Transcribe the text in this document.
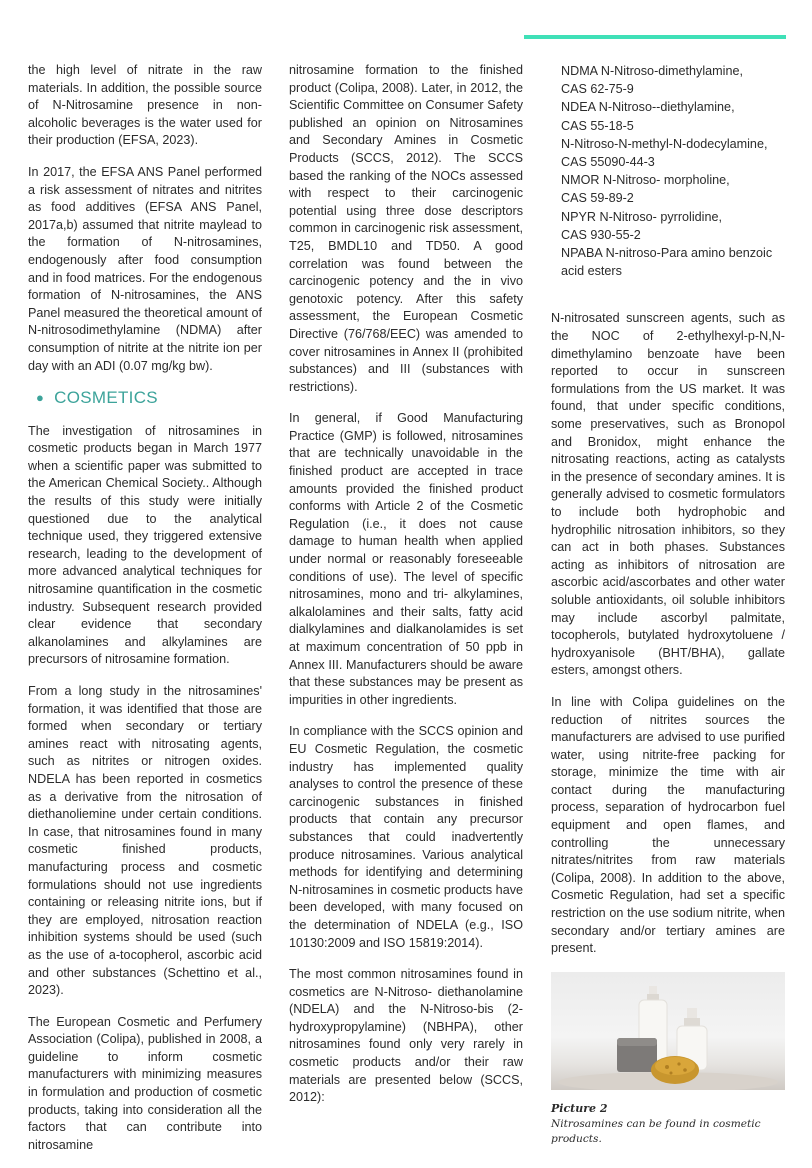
the high level of nitrate in the raw materials. In addition, the possible source of N-Nitrosamine presence in non-alcoholic beverages is the water used for their production (EFSA, 2023).

In 2017, the EFSA ANS Panel performed a risk assessment of nitrates and nitrites as food additives (EFSA ANS Panel, 2017a,b) assumed that nitrite maylead to the formation of N-nitrosamines, endogenously after food consumption and in food matrices. For the endogenous formation of N-nitrosamines, the ANS Panel measured the theoretical amount of N-nitrosodimethylamine (NDMA) after consumption of nitrite at the nitrite ion per day with an ADI (0.07 mg/kg bw).

● COSMETICS

The investigation of nitrosamines in cosmetic products began in March 1977 when a scientific paper was submitted to the American Chemical Society.. Although the results of this study were initially questioned due to the analytical technique used, they triggered extensive research, leading to the development of more advanced analytical techniques for nitrosamine quantification in the cosmetic industry. Subsequent research provided clear evidence that secondary alkanolamines and alkylamines are precursors of nitrosamine formation.

From a long study in the nitrosamines' formation, it was identified that those are formed when secondary or tertiary amines react with nitrosating agents, such as nitrites or nitrogen oxides. NDELA has been reported in cosmetics as a derivative from the nitrosation of diethanoliemine under certain conditions. In case, that nitrosamines found in many cosmetic finished products, manufacturing process and cosmetic formulations should not use ingredients containing or releasing nitrite ions, but if they are employed, nitrosation reaction inhibition systems should be used (such as the use of a-tocopherol, ascorbic acid and other substances (Schettino et al., 2023).

The European Cosmetic and Perfumery Association (Colipa), published in 2008, a guideline to inform cosmetic manufacturers with minimizing measures in formulation and production of cosmetic products, taking into consideration all the factors that can contribute into nitrosamine

nitrosamine formation to the finished product (Colipa, 2008). Later, in 2012, the Scientific Committee on Consumer Safety published an opinion on Nitrosamines and Secondary Amines in Cosmetic Products (SCCS, 2012). The SCCS based the ranking of the NOCs assessed with respect to their carcinogenic potential using three dose descriptors common in carcinogenic risk assessment, T25, BMDL10 and TD50. A good correlation was found between the carcinogenic potency and the in vivo genotoxic potency. After this safety assessment, the European Cosmetic Directive (76/768/EEC) was amended to cover nitrosamines in Annex II (prohibited substances) and III (substances with restrictions).

In general, if Good Manufacturing Practice (GMP) is followed, nitrosamines that are technically unavoidable in the finished product are accepted in trace amounts provided the finished product conforms with Article 2 of the Cosmetic Regulation (i.e., it does not cause damage to human health when applied under normal or reasonably foreseeable conditions of use). The level of specific nitrosamines, mono and tri- alkylamines, alkalolamines and their salts, fatty acid dialkylamines and dialkanolamides is set at maximum concentration of 50 ppb in Annex III. Manufacturers should be aware that these substances may be present as impurities in other ingredients.

In compliance with the SCCS opinion and EU Cosmetic Regulation, the cosmetic industry has implemented quality analyses to control the presence of these carcinogenic substances in finished products that contain any precursor substances that could inadvertently produce nitrosamines. Various analytical methods for identifying and determining N-nitrosamines in cosmetic products have been developed, with many focused on the determination of NDELA (e.g., ISO 10130:2009 and ISO 15819:2014).

The most common nitrosamines found in cosmetics are N-Nitroso- diethanolamine (NDELA) and the N-Nitroso-bis (2-hydroxypropylamine) (NBHPA), other nitrosamines found only very rarely in cosmetic products and/or their raw materials are presented below (SCCS, 2012):

NDMA N-Nitroso-dimethylamine,
CAS 62-75-9
NDEA N-Nitroso--diethylamine,
CAS 55-18-5
N-Nitroso-N-methyl-N-dodecylamine,
CAS 55090-44-3
NMOR N-Nitroso- morpholine,
CAS 59-89-2
NPYR N-Nitroso- pyrrolidine,
CAS 930-55-2
NPABA N-nitroso-Para amino benzoic acid esters

N-nitrosated sunscreen agents, such as the NOC of 2-ethylhexyl-p-N,N-dimethylamino benzoate have been reported to occur in sunscreen formulations from the US market. It was found, that under specific conditions, some preservatives, such as Bronopol and Bronidox, might enhance the nitrosating reactions, acting as catalysts in the presence of secondary amines. It is generally advised to cosmetic formulators to include both hydrophobic and hydrophilic nitrosation inhibitors, so they can act in both phases. Substances acting as inhibitors of nitrosation are ascorbic acid/ascorbates and other water soluble antioxidants, oil soluble inhibitors may include ascorbyl palmitate, tocopherols, butylated hydroxytoluene / hydroxyanisole (BHT/BHA), gallate esters, amongst others.

In line with Colipa guidelines on the reduction of nitrites sources the manufacturers are advised to use purified water, using nitrite-free packing for storage, minimize the time with air contact during the manufacturing process, separation of hydrocarbon fuel equipment and open flames, and controlling the unnecessary nitrates/nitrites from raw materials (Colipa, 2008). In addition to the above, Cosmetic Regulation, had set a specific restriction on the use sodium nitrite, when secondary and/or tertiary amines are present.

Picture 2
Nitrosamines can be found in cosmetic products.
